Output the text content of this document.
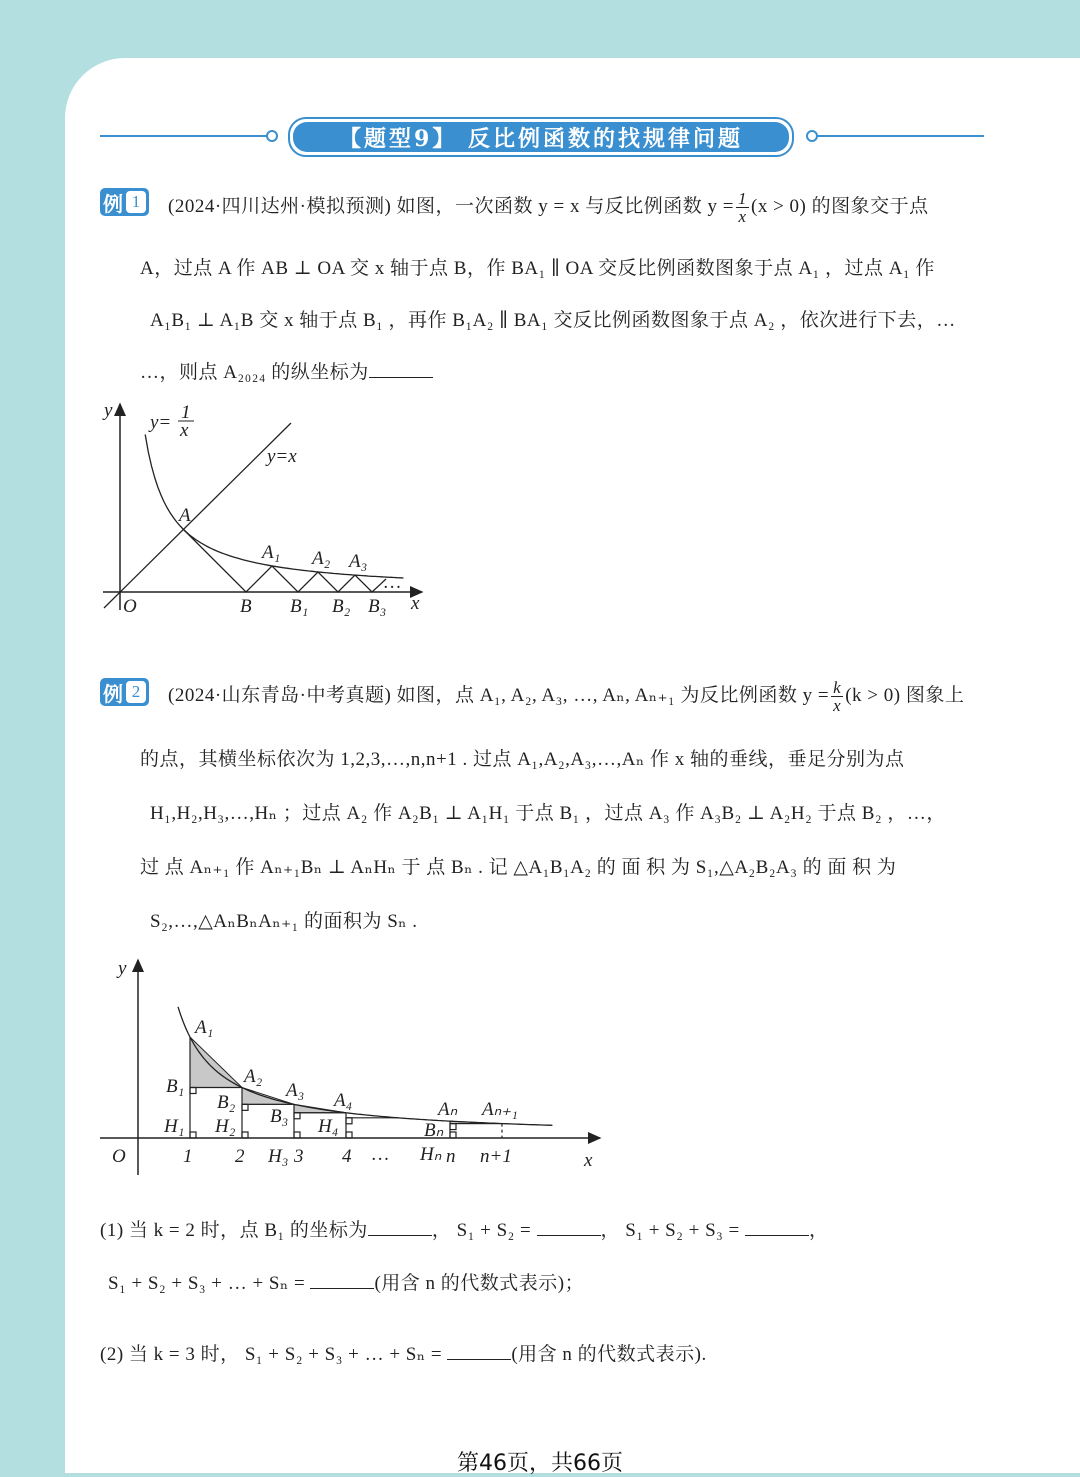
【题型9】 反比例函数的找规律问题
例 1	(2024·四川达州·模拟预测) 如图，一次函数 y = x 与反比例函数 $y = \frac{1}{x} (x > 0)$ 的图象交于点
A，过点 A 作 AB ⊥ OA 交 x 轴于点 B，作 BA₁ ∥ OA 交反比例函数图象于点 A₁ ，过点 A₁ 作
A₁B₁ ⊥ A₁B 交 x 轴于点 B₁ ，再作 B₁A₂ ∥ BA₁ 交反比例函数图象于点 A₂ ，依次进行下去，…
…，则点 A₂₀₂₄ 的纵坐标为
y
x
O
y= 1
x
y=x
A
A₁ A₂ A₃
B B₁ B₂ B₃
…
例 2	(2024·山东青岛·中考真题) 如图，点 A₁, A₂, A₃, …, Aₙ, Aₙ₊₁ 为反比例函数 $y = \frac{k}{x} (k > 0)$ 图象上
的点，其横坐标依次为 1,2,3,…,n,n+1 . 过点 A₁,A₂,A₃,…,Aₙ 作 x 轴的垂线，垂足分别为点
H₁,H₂,H₃,…,Hₙ ；过点 A₂ 作 A₂B₁ ⊥ A₁H₁ 于点 B₁ ，过点 A₃ 作 A₃B₂ ⊥ A₂H₂ 于点 B₂ ，…，
过 点 Aₙ₊₁ 作 Aₙ₊₁Bₙ ⊥ AₙHₙ 于 点 Bₙ . 记 △A₁B₁A₂ 的 面 积 为 S₁,△A₂B₂A₃ 的 面 积 为
S₂,…,△AₙBₙAₙ₊₁ 的面积为 Sₙ .
y
x
O	1 2	3 4 …	n n+1
A₁
A₂
A₃ A₄	Aₙ Aₙ₊₁
B₁
B₂
B₃
Bₙ
H₁ H₂
H₃
H₄
Hₙ
(1) 当 k = 2 时，点 B₁ 的坐标为	， S₁ + S₂ =	， S₁ + S₂ + S₃ =	，
S₁ + S₂ + S₃ + … + Sₙ =	(用含 n 的代数式表示)；
(2) 当 k = 3 时， S₁ + S₂ + S₃ + … + Sₙ =	(用含 n 的代数式表示).
第46页，共66页
